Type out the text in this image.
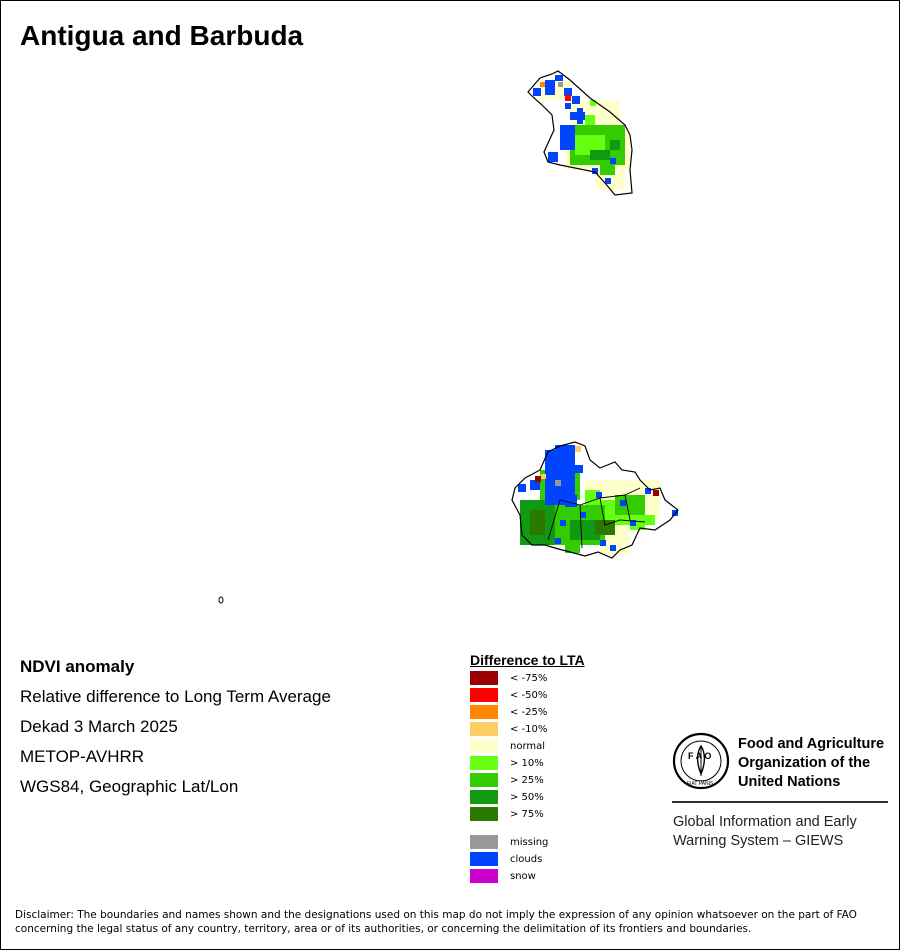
Antigua and Barbuda
NDVI anomaly
Relative difference to Long Term Average
Dekad 3 March 2025
METOP-AVHRR
WGS84, Geographic Lat/Lon
Difference to LTA
< -75%
< -50%
< -25%
< -10%
normal
> 10%
> 25%
> 50%
> 75%
missing
clouds
snow
F A O
FIAT PANIS
Food and Agriculture Organization of the United Nations
Global Information and Early Warning System – GIEWS
Disclaimer: The boundaries and names shown and the designations used on this map do not imply the expression of any opinion whatsoever on the part of FAO concerning the legal status of any country, territory, area or of its authorities, or concerning the delimitation of its frontiers and boundaries.
